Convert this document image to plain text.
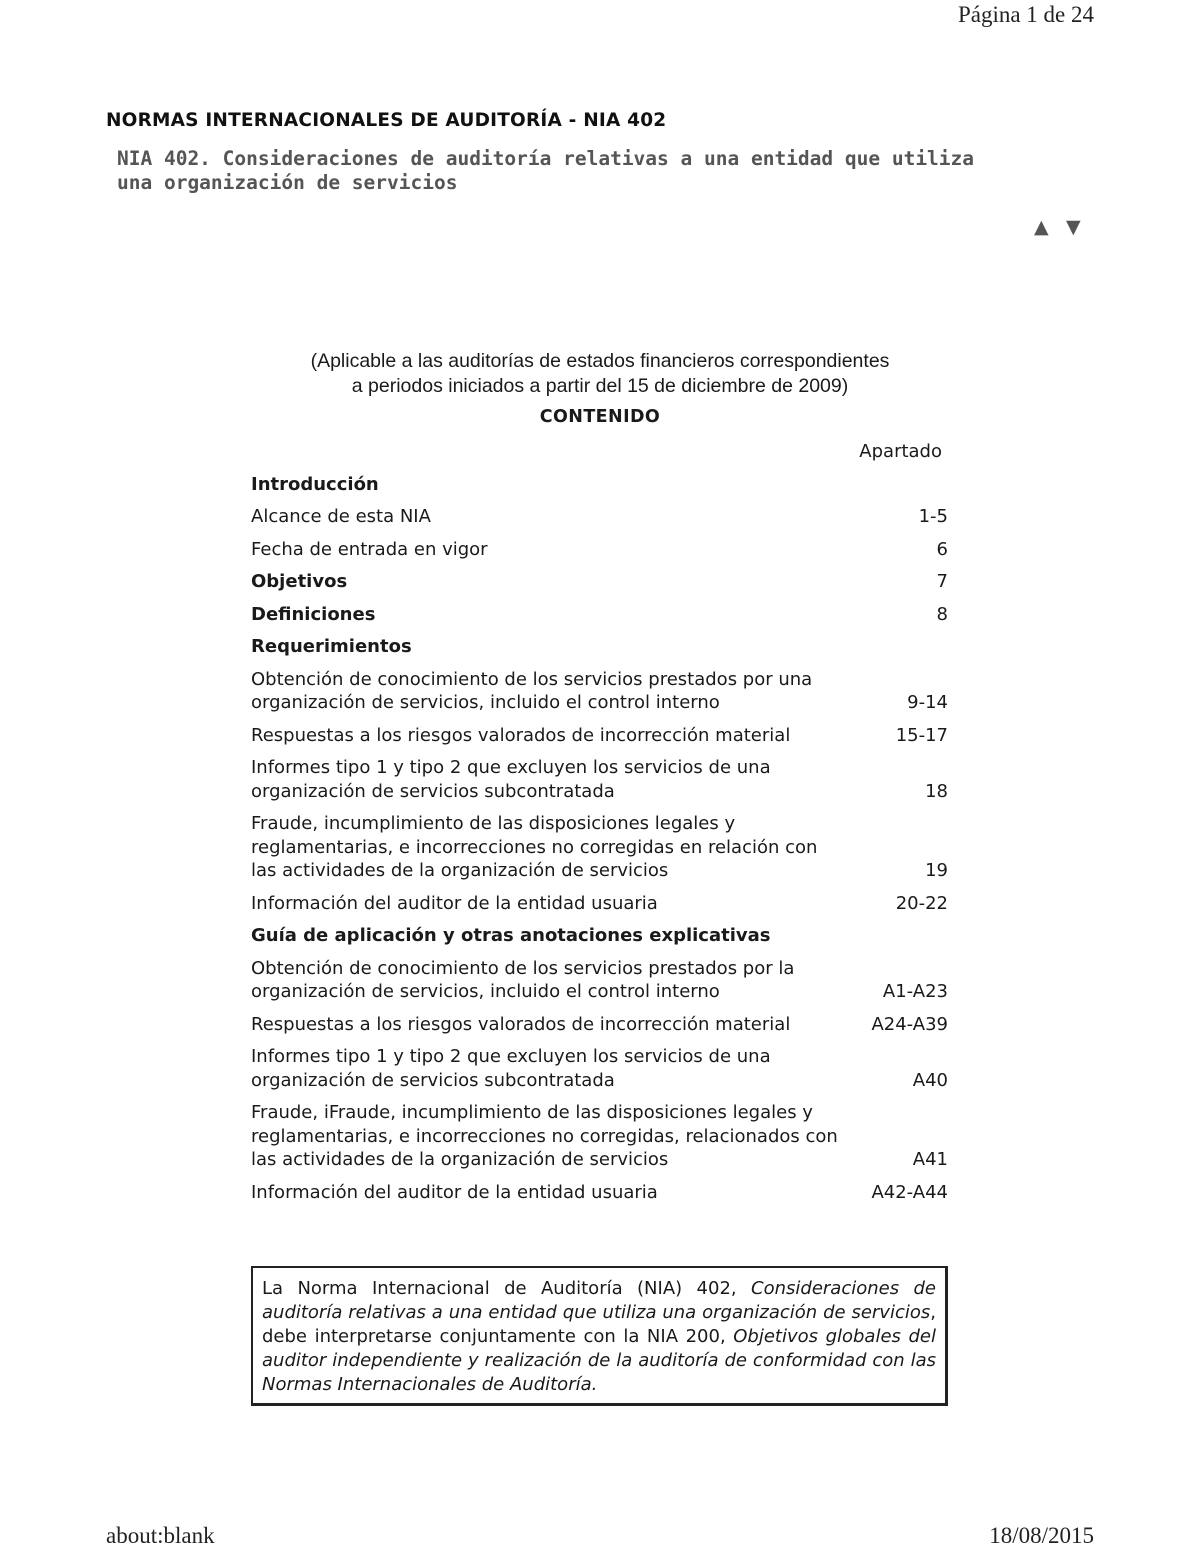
Página 1 de 24
NORMAS INTERNACIONALES DE AUDITORÍA - NIA 402
NIA 402. Consideraciones de auditoría relativas a una entidad que utiliza una organización de servicios
▲ ▼
(Aplicable a las auditorías de estados financieros correspondientes
a periodos iniciados a partir del 15 de diciembre de 2009)
CONTENIDO
Apartado
Introducción
Alcance de esta NIA	1-5
Fecha de entrada en vigor	6
Objetivos	7
Definiciones	8
Requerimientos
Obtención de conocimiento de los servicios prestados por una organización de servicios, incluido el control interno	9-14
Respuestas a los riesgos valorados de incorrección material	15-17
Informes tipo 1 y tipo 2 que excluyen los servicios de una organización de servicios subcontratada	18
Fraude, incumplimiento de las disposiciones legales y reglamentarias, e incorrecciones no corregidas en relación con las actividades de la organización de servicios	19
Información del auditor de la entidad usuaria	20-22
Guía de aplicación y otras anotaciones explicativas
Obtención de conocimiento de los servicios prestados por la organización de servicios, incluido el control interno	A1-A23
Respuestas a los riesgos valorados de incorrección material	A24-A39
Informes tipo 1 y tipo 2 que excluyen los servicios de una organización de servicios subcontratada	A40
Fraude, iFraude, incumplimiento de las disposiciones legales y reglamentarias, e incorrecciones no corregidas, relacionados con las actividades de la organización de servicios	A41
Información del auditor de la entidad usuaria	A42-A44
La Norma Internacional de Auditoría (NIA) 402, Consideraciones de auditoría relativas a una entidad que utiliza una organización de servicios, debe interpretarse conjuntamente con la NIA 200, Objetivos globales del auditor independiente y realización de la auditoría de conformidad con las Normas Internacionales de Auditoría.
about:blank	18/08/2015
